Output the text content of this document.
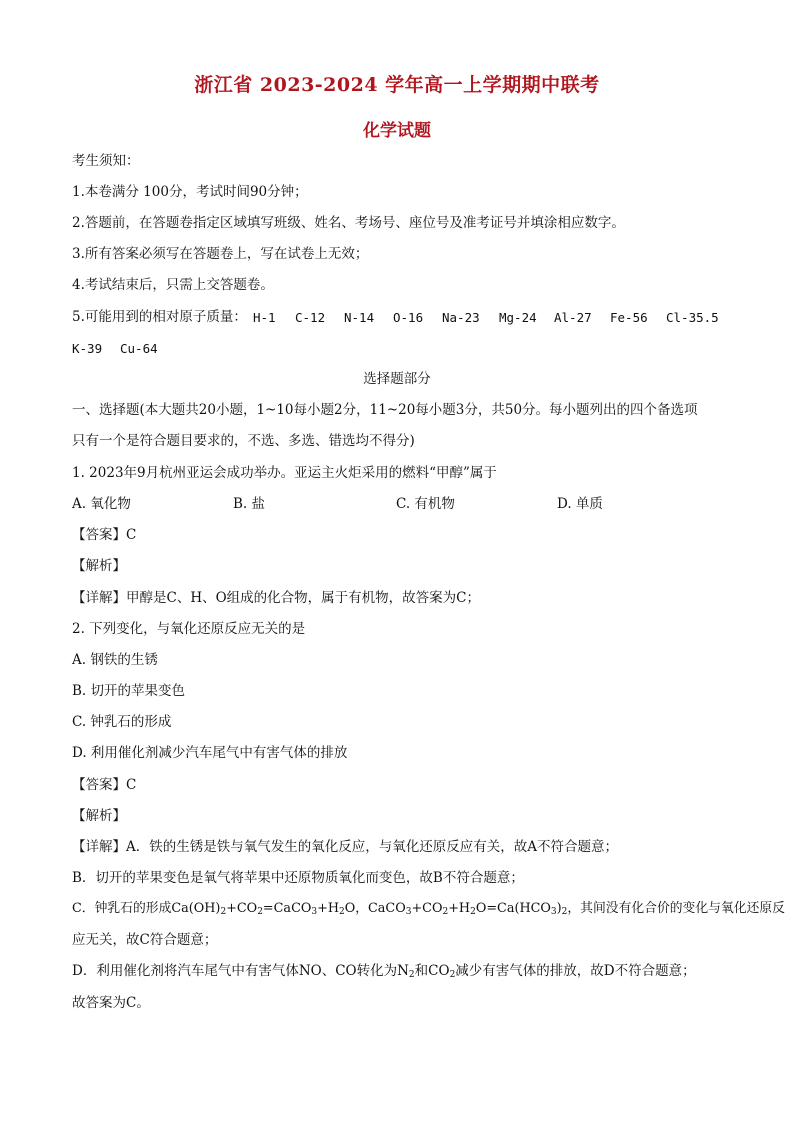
浙江省 2023-2024 学年高一上学期期中联考
化学试题
考生须知：
1.本卷满分 100分，考试时间90分钟；
2.答题前，在答题卷指定区域填写班级、姓名、考场号、座位号及准考证号并填涂相应数字。
3.所有答案必须写在答题卷上，写在试卷上无效；
4.考试结束后，只需上交答题卷。
5.可能用到的相对原子质量： H-1 C-12 N-14 O-16 Na-23 Mg-24 Al-27 Fe-56 Cl-35.5
K-39 Cu-64
选择题部分
一、选择题(本大题共20小题，1~10每小题2分，11~20每小题3分，共50分。每小题列出的四个备选项
只有一个是符合题目要求的，不选、多选、错选均不得分)
1. 2023年9月杭州亚运会成功举办。亚运主火炬采用的燃料“甲醇”属于
A. 氧化物	B. 盐	C. 有机物	D. 单质
【答案】C
【解析】
【详解】甲醇是C、H、O组成的化合物，属于有机物，故答案为C；
2. 下列变化，与氧化还原反应无关的是
A. 钢铁的生锈
B. 切开的苹果变色
C. 钟乳石的形成
D. 利用催化剂减少汽车尾气中有害气体的排放
【答案】C
【解析】
【详解】A．铁的生锈是铁与氧气发生的氧化反应，与氧化还原反应有关，故A不符合题意；
B．切开的苹果变色是氧气将苹果中还原物质氧化而变色，故B不符合题意；
C．钟乳石的形成$Ca(OH)_2+CO_2=CaCO_3+H_2O$，$CaCO_3+CO_2+H_2O=Ca(HCO_3)_2$，其间没有化合价的变化与氧化还原反
应无关，故C符合题意；
D．利用催化剂将汽车尾气中有害气体NO、CO转化为$N_2$和$CO_2$减少有害气体的排放，故D不符合题意；
故答案为C。
